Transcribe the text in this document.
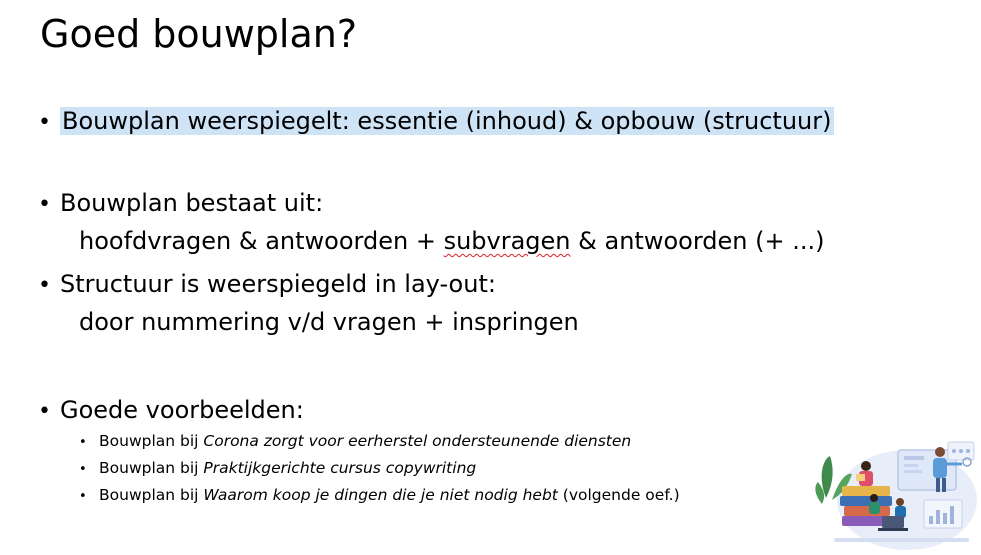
Goed bouwplan?
• Bouwplan weerspiegelt: essentie (inhoud) & opbouw (structuur)
• Bouwplan bestaat uit:
hoofdvragen & antwoorden + subvragen & antwoorden (+ ...)
• Structuur is weerspiegeld in lay-out:
door nummering v/d vragen + inspringen
• Goede voorbeelden:
• Bouwplan bij Corona zorgt voor eerherstel ondersteunende diensten
• Bouwplan bij Praktijkgerichte cursus copywriting
• Bouwplan bij Waarom koop je dingen die je niet nodig hebt (volgende oef.)
